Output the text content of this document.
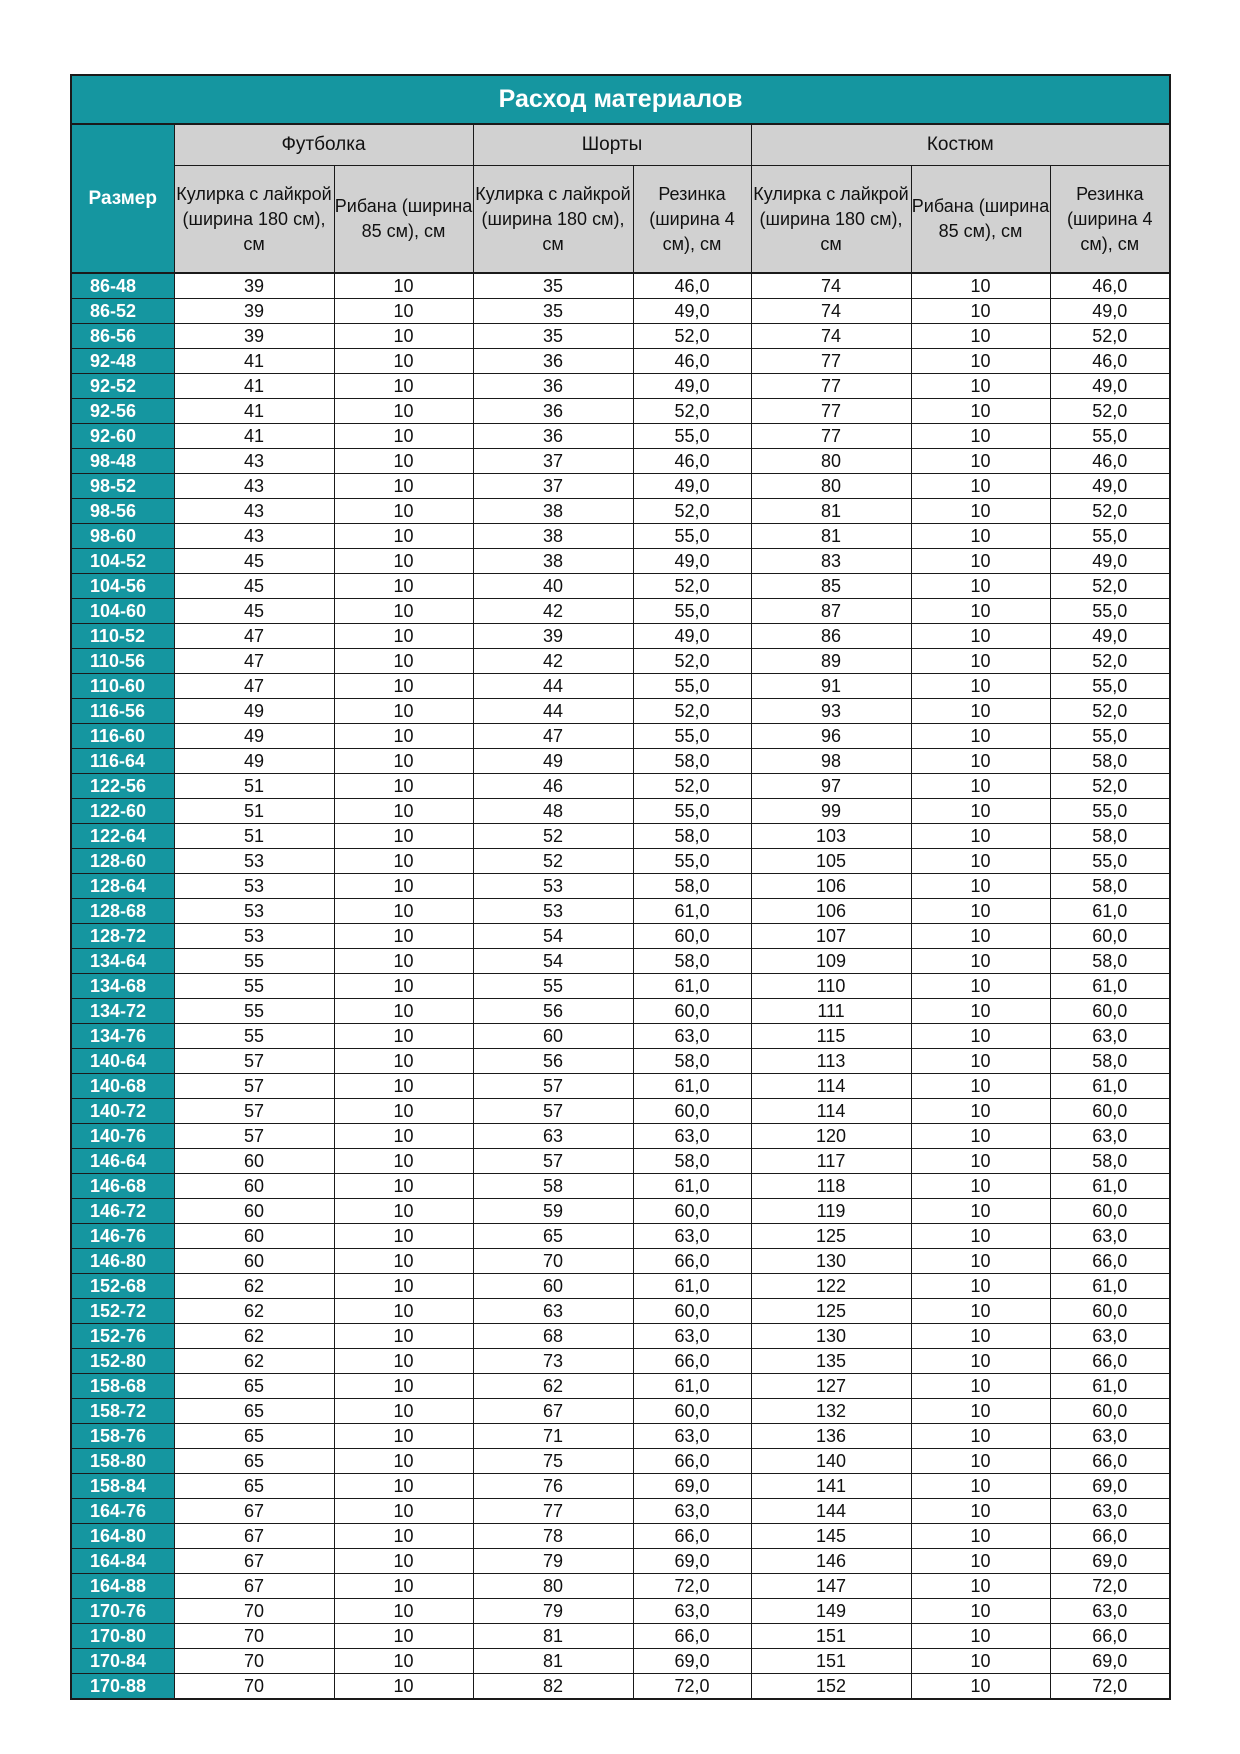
Расход материалов							
Размер	Футболка		Шорты		Костюм		
	Кулирка с лайкрой (ширина 180 см), см	Рибана (ширина 85 см), см	Кулирка с лайкрой (ширина 180 см), см	Резинка (ширина 4 см), см	Кулирка с лайкрой (ширина 180 см), см	Рибана (ширина 85 см), см	Резинка (ширина 4 см), см
86-48	39	10	35	46,0	74	10	46,0
86-52	39	10	35	49,0	74	10	49,0
86-56	39	10	35	52,0	74	10	52,0
92-48	41	10	36	46,0	77	10	46,0
92-52	41	10	36	49,0	77	10	49,0
92-56	41	10	36	52,0	77	10	52,0
92-60	41	10	36	55,0	77	10	55,0
98-48	43	10	37	46,0	80	10	46,0
98-52	43	10	37	49,0	80	10	49,0
98-56	43	10	38	52,0	81	10	52,0
98-60	43	10	38	55,0	81	10	55,0
104-52	45	10	38	49,0	83	10	49,0
104-56	45	10	40	52,0	85	10	52,0
104-60	45	10	42	55,0	87	10	55,0
110-52	47	10	39	49,0	86	10	49,0
110-56	47	10	42	52,0	89	10	52,0
110-60	47	10	44	55,0	91	10	55,0
116-56	49	10	44	52,0	93	10	52,0
116-60	49	10	47	55,0	96	10	55,0
116-64	49	10	49	58,0	98	10	58,0
122-56	51	10	46	52,0	97	10	52,0
122-60	51	10	48	55,0	99	10	55,0
122-64	51	10	52	58,0	103	10	58,0
128-60	53	10	52	55,0	105	10	55,0
128-64	53	10	53	58,0	106	10	58,0
128-68	53	10	53	61,0	106	10	61,0
128-72	53	10	54	60,0	107	10	60,0
134-64	55	10	54	58,0	109	10	58,0
134-68	55	10	55	61,0	110	10	61,0
134-72	55	10	56	60,0	111	10	60,0
134-76	55	10	60	63,0	115	10	63,0
140-64	57	10	56	58,0	113	10	58,0
140-68	57	10	57	61,0	114	10	61,0
140-72	57	10	57	60,0	114	10	60,0
140-76	57	10	63	63,0	120	10	63,0
146-64	60	10	57	58,0	117	10	58,0
146-68	60	10	58	61,0	118	10	61,0
146-72	60	10	59	60,0	119	10	60,0
146-76	60	10	65	63,0	125	10	63,0
146-80	60	10	70	66,0	130	10	66,0
152-68	62	10	60	61,0	122	10	61,0
152-72	62	10	63	60,0	125	10	60,0
152-76	62	10	68	63,0	130	10	63,0
152-80	62	10	73	66,0	135	10	66,0
158-68	65	10	62	61,0	127	10	61,0
158-72	65	10	67	60,0	132	10	60,0
158-76	65	10	71	63,0	136	10	63,0
158-80	65	10	75	66,0	140	10	66,0
158-84	65	10	76	69,0	141	10	69,0
164-76	67	10	77	63,0	144	10	63,0
164-80	67	10	78	66,0	145	10	66,0
164-84	67	10	79	69,0	146	10	69,0
164-88	67	10	80	72,0	147	10	72,0
170-76	70	10	79	63,0	149	10	63,0
170-80	70	10	81	66,0	151	10	66,0
170-84	70	10	81	69,0	151	10	69,0
170-88	70	10	82	72,0	152	10	72,0
